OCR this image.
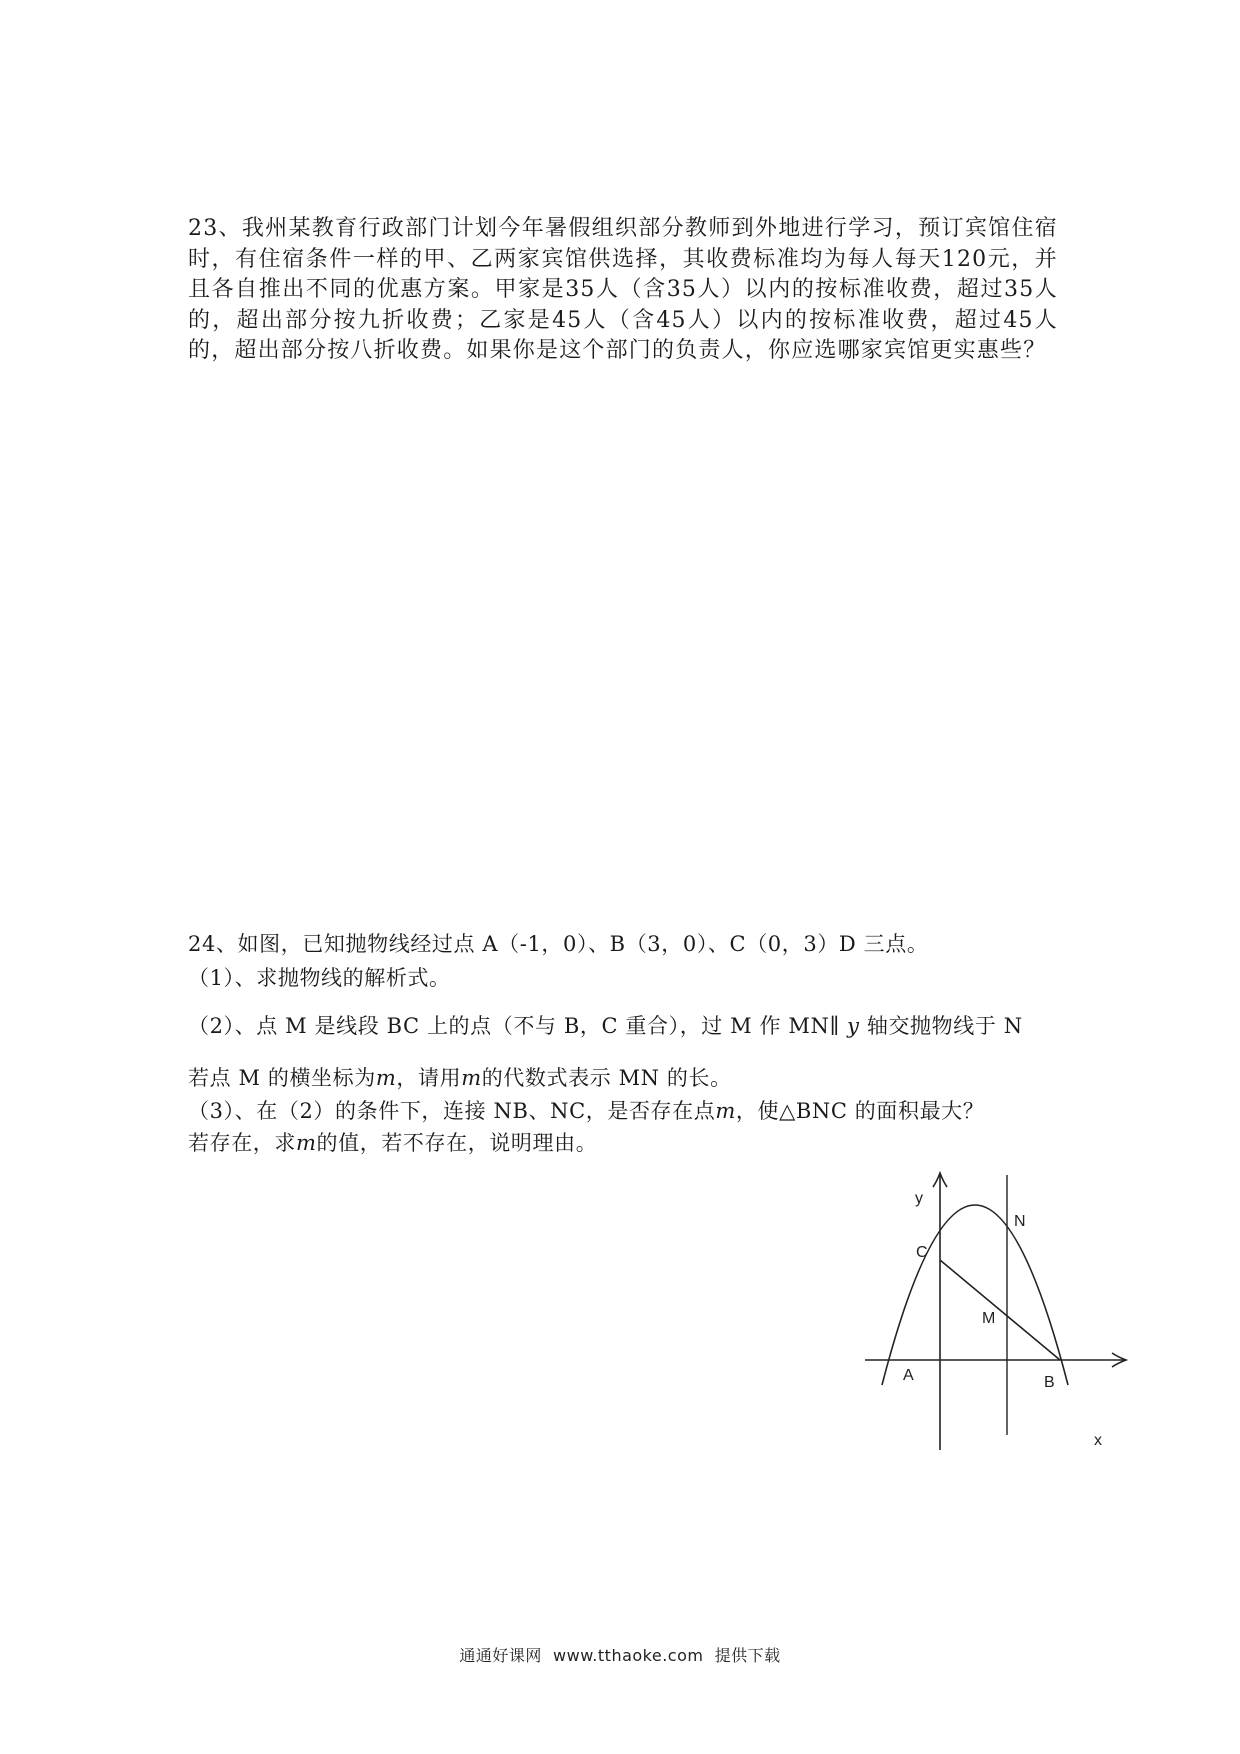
23、我州某教育行政部门计划今年暑假组织部分教师到外地进行学习，预订宾馆住宿时，有住宿条件一样的甲、乙两家宾馆供选择，其收费标准均为每人每天120元，并且各自推出不同的优惠方案。甲家是35人（含35人）以内的按标准收费，超过35人的，超出部分按九折收费；乙家是45人（含45人）以内的按标准收费，超过45人的，超出部分按八折收费。如果你是这个部门的负责人，你应选哪家宾馆更实惠些？
24、如图，已知抛物线经过点 A（-1，0）、B（3，0）、C（0，3）D 三点。
（1）、求抛物线的解析式。
（2）、点 M 是线段 BC 上的点（不与 B，C 重合），过 M 作 MN∥ y 轴交抛物线于 N
若点 M 的横坐标为m，请用m的代数式表示 MN 的长。
（3）、在（2）的条件下，连接 NB、NC，是否存在点m，使△BNC 的面积最大？
若存在，求m的值，若不存在，说明理由。
y
x
N
C
M
A	B
通通好课网  www.tthaoke.com  提供下载
